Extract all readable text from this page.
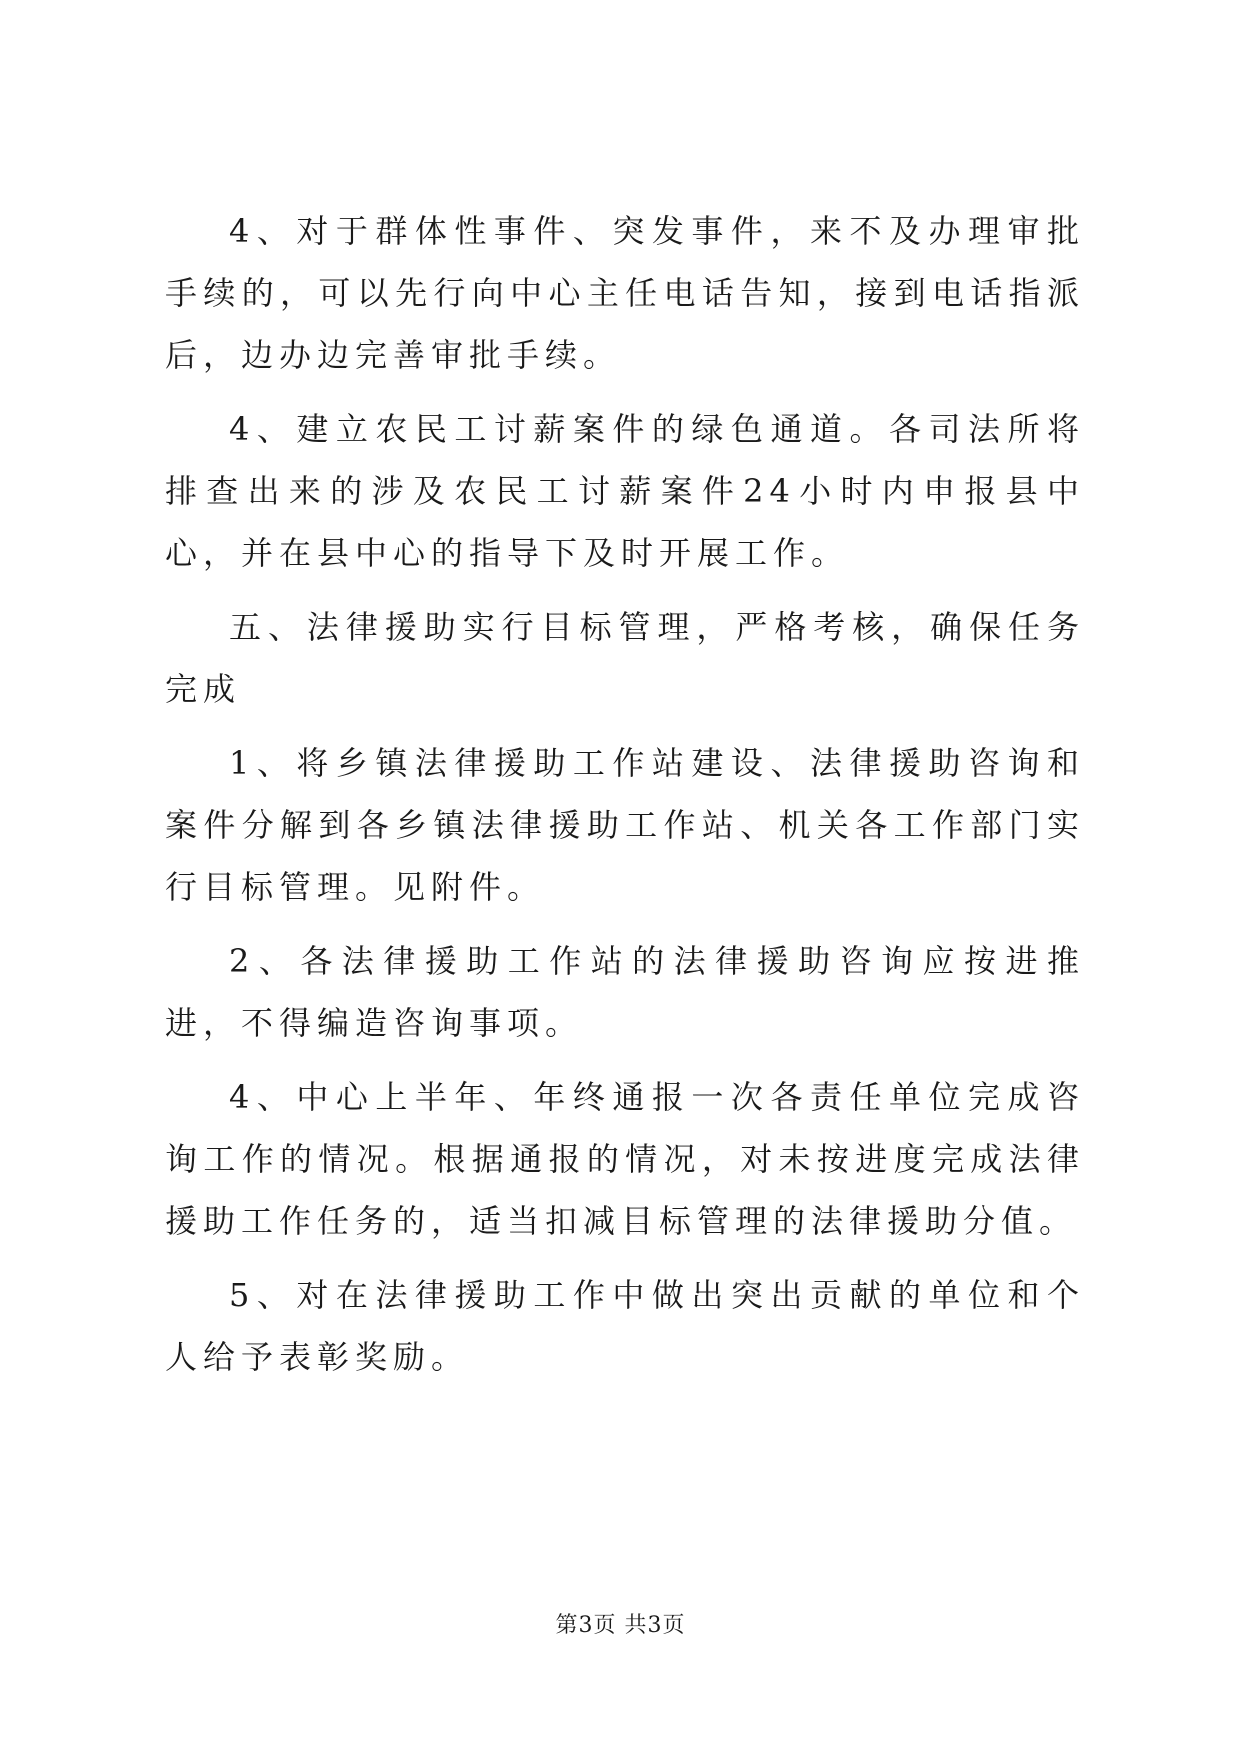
4、对于群体性事件、突发事件，来不及办理审批手续的，可以先行向中心主任电话告知，接到电话指派后，边办边完善审批手续。

4、建立农民工讨薪案件的绿色通道。各司法所将排查出来的涉及农民工讨薪案件24小时内申报县中心，并在县中心的指导下及时开展工作。

五、法律援助实行目标管理，严格考核，确保任务完成

1、将乡镇法律援助工作站建设、法律援助咨询和案件分解到各乡镇法律援助工作站、机关各工作部门实行目标管理。见附件。

2、各法律援助工作站的法律援助咨询应按进推进，不得编造咨询事项。

4、中心上半年、年终通报一次各责任单位完成咨询工作的情况。根据通报的情况，对未按进度完成法律援助工作任务的，适当扣减目标管理的法律援助分值。

5、对在法律援助工作中做出突出贡献的单位和个人给予表彰奖励。

第3页 共3页
